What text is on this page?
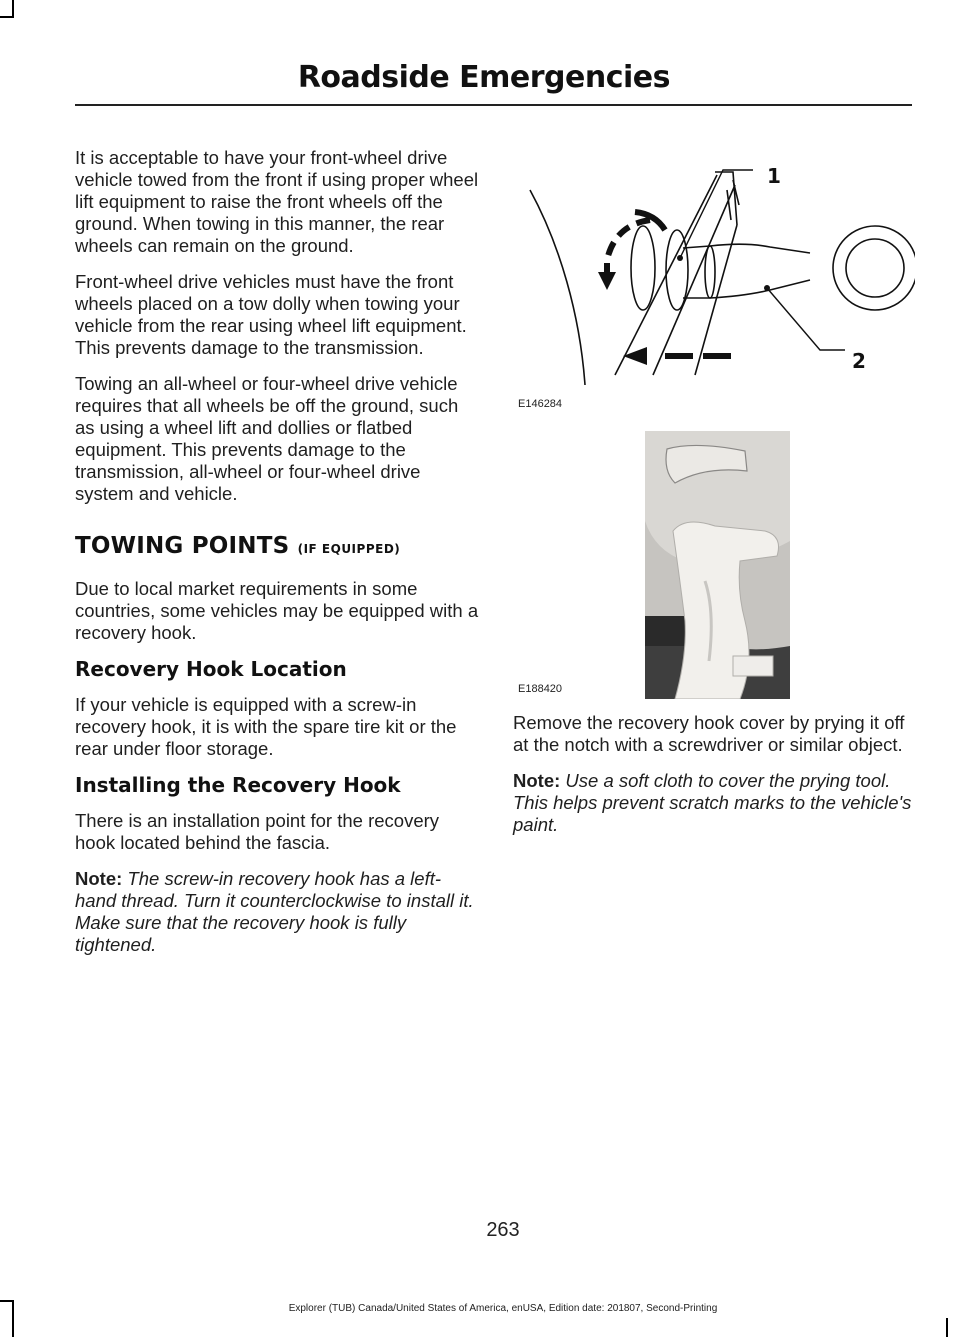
Roadside Emergencies

It is acceptable to have your front-wheel drive vehicle towed from the front if using proper wheel lift equipment to raise the front wheels off the ground. When towing in this manner, the rear wheels can remain on the ground.

Front-wheel drive vehicles must have the front wheels placed on a tow dolly when towing your vehicle from the rear using wheel lift equipment. This prevents damage to the transmission.

Towing an all-wheel or four-wheel drive vehicle requires that all wheels be off the ground, such as using a wheel lift and dollies or flatbed equipment. This prevents damage to the transmission, all-wheel or four-wheel drive system and vehicle.

TOWING POINTS (IF EQUIPPED)

Due to local market requirements in some countries, some vehicles may be equipped with a recovery hook.

Recovery Hook Location

If your vehicle is equipped with a screw-in recovery hook, it is with the spare tire kit or the rear under floor storage.

Installing the Recovery Hook

There is an installation point for the recovery hook located behind the fascia.

Note: The screw-in recovery hook has a left-hand thread. Turn it counterclockwise to install it. Make sure that the recovery hook is fully tightened.

1
2
E146284
E188420

Remove the recovery hook cover by prying it off at the notch with a screwdriver or similar object.

Note: Use a soft cloth to cover the prying tool. This helps prevent scratch marks to the vehicle's paint.

263
Explorer (TUB) Canada/United States of America, enUSA, Edition date: 201807, Second-Printing
